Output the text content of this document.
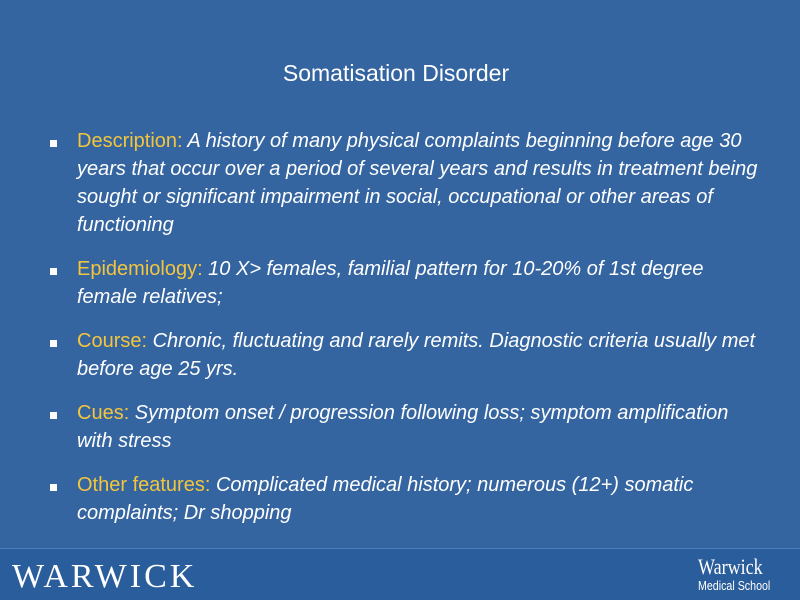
Somatisation Disorder
Description: A history of many physical complaints beginning before age 30 years that occur over a period of several years and results in treatment being sought or significant impairment in social, occupational or other areas of functioning
Epidemiology: 10 X> females, familial pattern for 10-20% of 1st degree female relatives;
Course: Chronic, fluctuating and rarely remits. Diagnostic criteria usually met before age 25 yrs.
Cues: Symptom onset / progression following loss; symptom amplification with stress
Other features: Complicated medical history; numerous (12+) somatic complaints; Dr shopping
WARWICK	Warwick
Medical School
